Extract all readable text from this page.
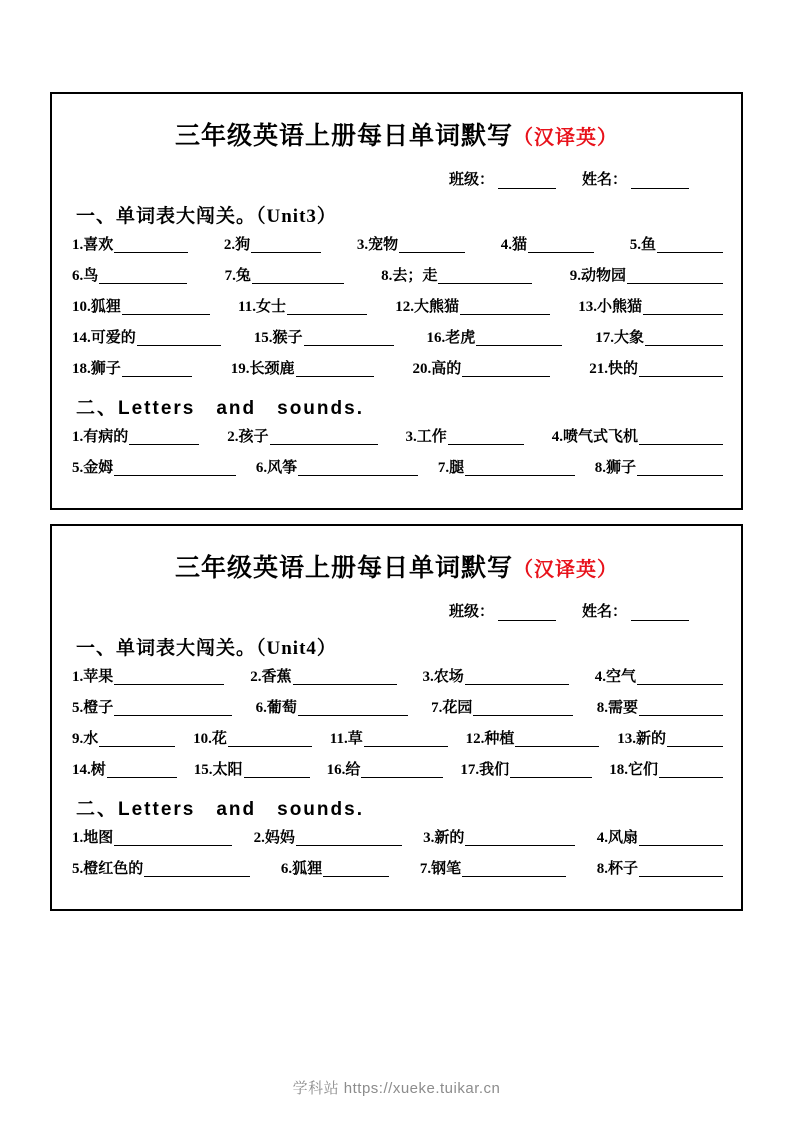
三年级英语上册每日单词默写（汉译英）
班级：	姓名：
一、单词表大闯关。（Unit3）
1.喜欢	2.狗	3.宠物	4.猫	5.鱼
6.鸟	7.兔	8.去；走	9.动物园
10.狐狸	11.女士	12.大熊猫	13.小熊猫
14.可爱的	15.猴子	16.老虎	17.大象
18.狮子	19.长颈鹿	20.高的	21.快的
二、Letters　and　sounds.
1.有病的	2.孩子	3.工作	4.喷气式飞机
5.金姆	6.风筝	7.腿	8.狮子
三年级英语上册每日单词默写（汉译英）
班级：	姓名：
一、单词表大闯关。（Unit4）
1.苹果	2.香蕉	3.农场	4.空气
5.橙子	6.葡萄	7.花园	8.需要
9.水	10.花	11.草	12.种植	13.新的
14.树	15.太阳	16.给	17.我们	18.它们
二、Letters　and　sounds.
1.地图	2.妈妈	3.新的	4.风扇
5.橙红色的	6.狐狸	7.钢笔	8.杯子
学科站 https://xueke.tuikar.cn
